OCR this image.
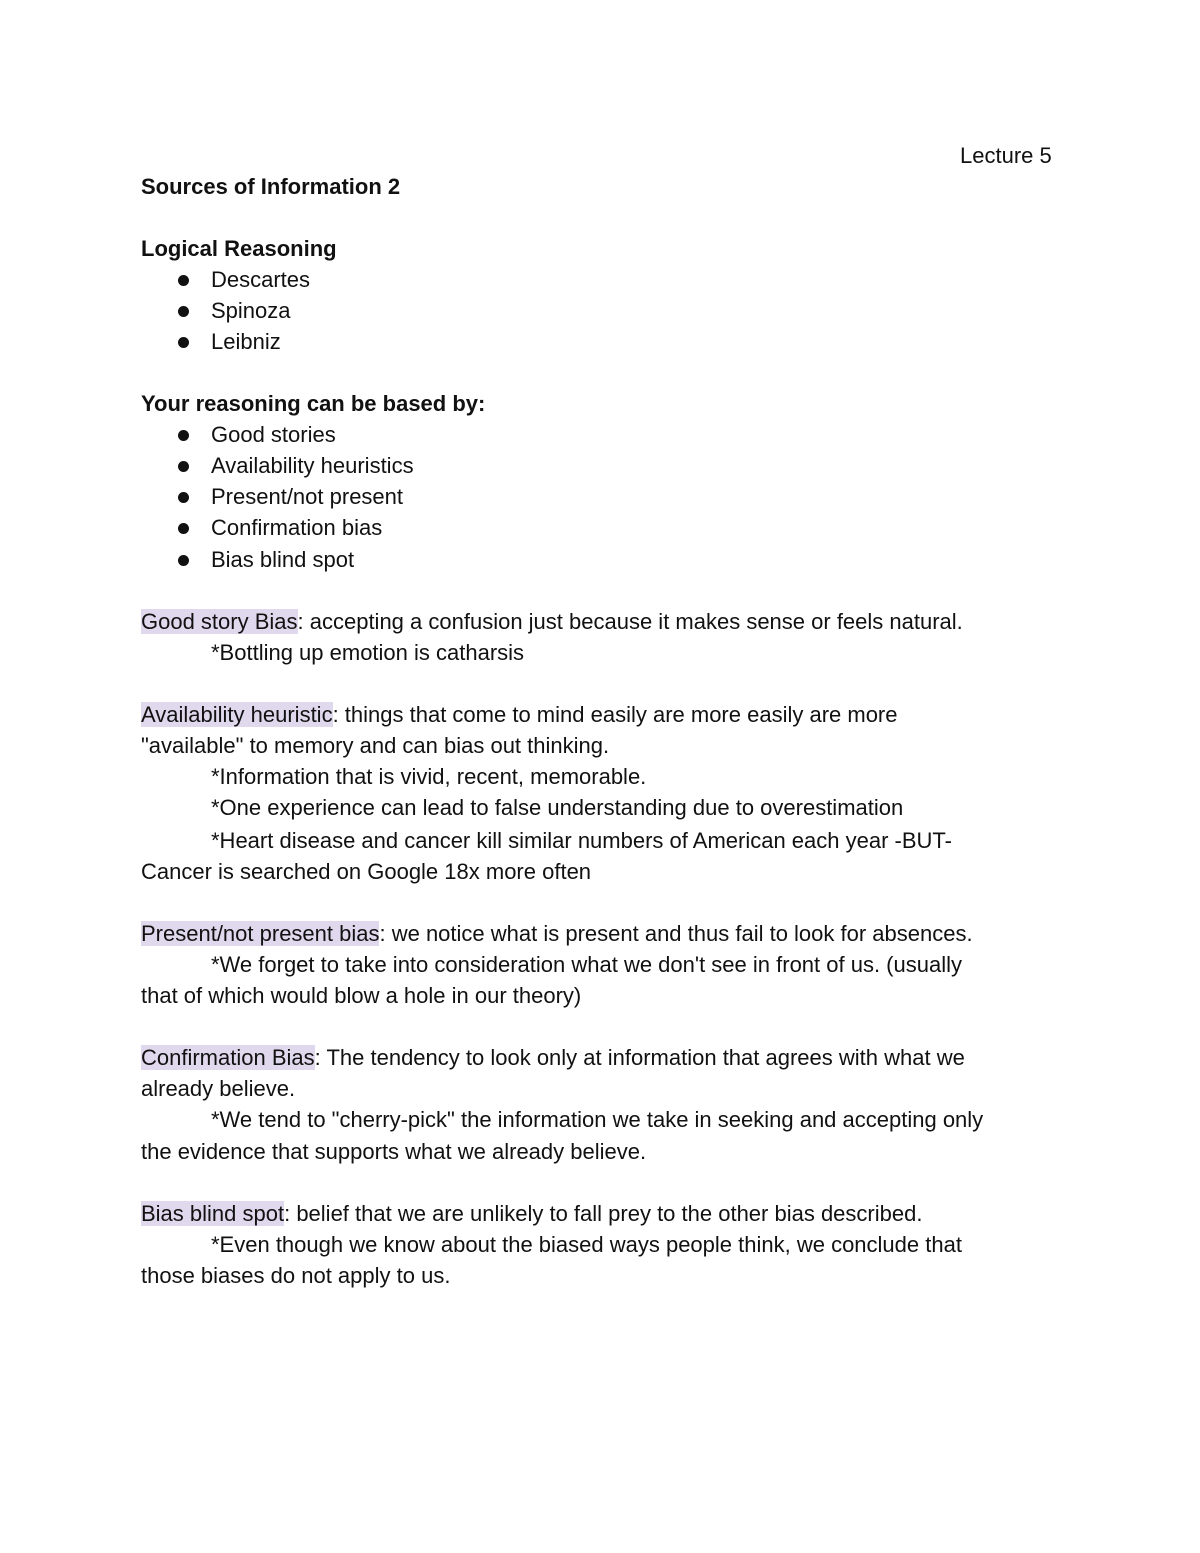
Lecture 5
Sources of Information 2
Logical Reasoning
Descartes
Spinoza
Leibniz
Your reasoning can be based by:
Good stories
Availability heuristics
Present/not present
Confirmation bias
Bias blind spot
Good story Bias: accepting a confusion just because it makes sense or feels natural.
*Bottling up emotion is catharsis
Availability heuristic: things that come to mind easily are more easily are more
"available" to memory and can bias out thinking.
*Information that is vivid, recent, memorable.
*One experience can lead to false understanding due to overestimation
*Heart disease and cancer kill similar numbers of American each year -BUT-
Cancer is searched on Google 18x more often
Present/not present bias: we notice what is present and thus fail to look for absences.
*We forget to take into consideration what we don't see in front of us. (usually
that of which would blow a hole in our theory)
Confirmation Bias: The tendency to look only at information that agrees with what we
already believe.
*We tend to "cherry-pick" the information we take in seeking and accepting only
the evidence that supports what we already believe.
Bias blind spot: belief that we are unlikely to fall prey to the other bias described.
*Even though we know about the biased ways people think, we conclude that
those biases do not apply to us.
